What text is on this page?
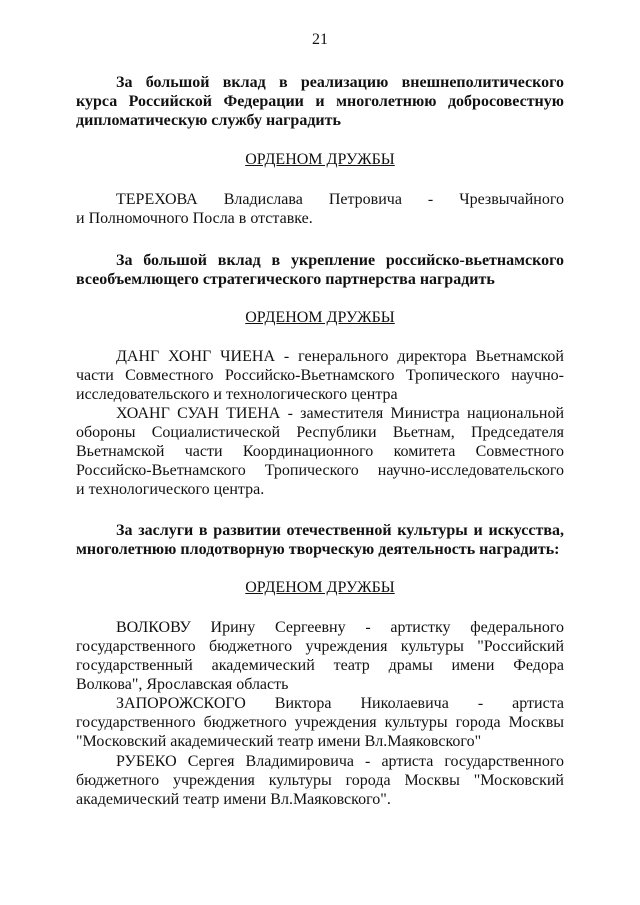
21
За большой вклад в реализацию внешнеполитического
курса Российской Федерации и многолетнюю добросовестную
дипломатическую службу наградить
ОРДЕНОМ ДРУЖБЫ
ТЕРЕХОВА Владислава Петровича - Чрезвычайного
и Полномочного Посла в отставке.
За большой вклад в укрепление российско-вьетнамского
всеобъемлющего стратегического партнерства наградить
ОРДЕНОМ ДРУЖБЫ
ДАНГ ХОНГ ЧИЕНА - генерального директора Вьетнамской
части Совместного Российско-Вьетнамского Тропического научно-
исследовательского и технологического центра
ХОАНГ СУАН ТИЕНА - заместителя Министра национальной
обороны Социалистической Республики Вьетнам, Председателя
Вьетнамской части Координационного комитета Совместного
Российско-Вьетнамского Тропического научно-исследовательского
и технологического центра.
За заслуги в развитии отечественной культуры и искусства,
многолетнюю плодотворную творческую деятельность наградить:
ОРДЕНОМ ДРУЖБЫ
ВОЛКОВУ Ирину Сергеевну - артистку федерального
государственного бюджетного учреждения культуры "Российский
государственный академический театр драмы имени Федора
Волкова", Ярославская область
ЗАПОРОЖСКОГО Виктора Николаевича - артиста
государственного бюджетного учреждения культуры города Москвы
"Московский академический театр имени Вл.Маяковского"
РУБЕКО Сергея Владимировича - артиста государственного
бюджетного учреждения культуры города Москвы "Московский
академический театр имени Вл.Маяковского".
